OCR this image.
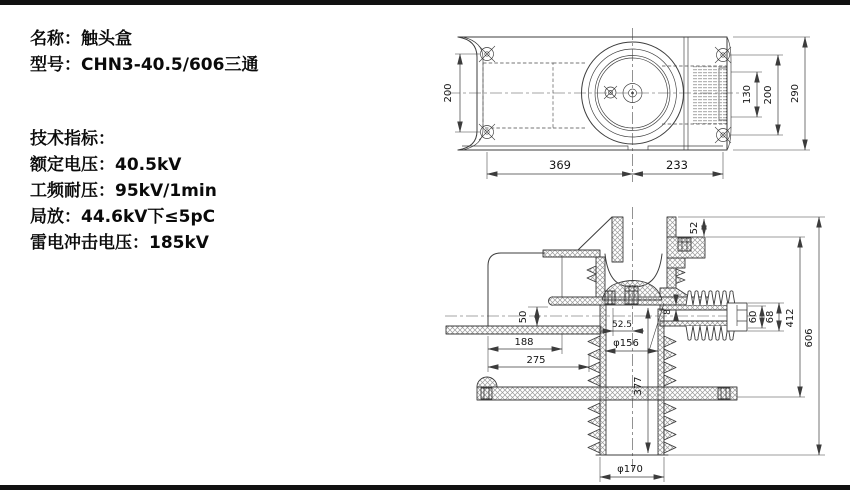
名称：触头盒
型号：CHN3-40.5/606三通
技术指标：
额定电压：40.5kV
工频耐压：95kV/1min
局放：44.6kV下≤5pC
雷电冲击电压：185kV
200	130 200 290
369	233
606
412
52
50
188
275
52.5
φ156
377
8	60 68
φ170
